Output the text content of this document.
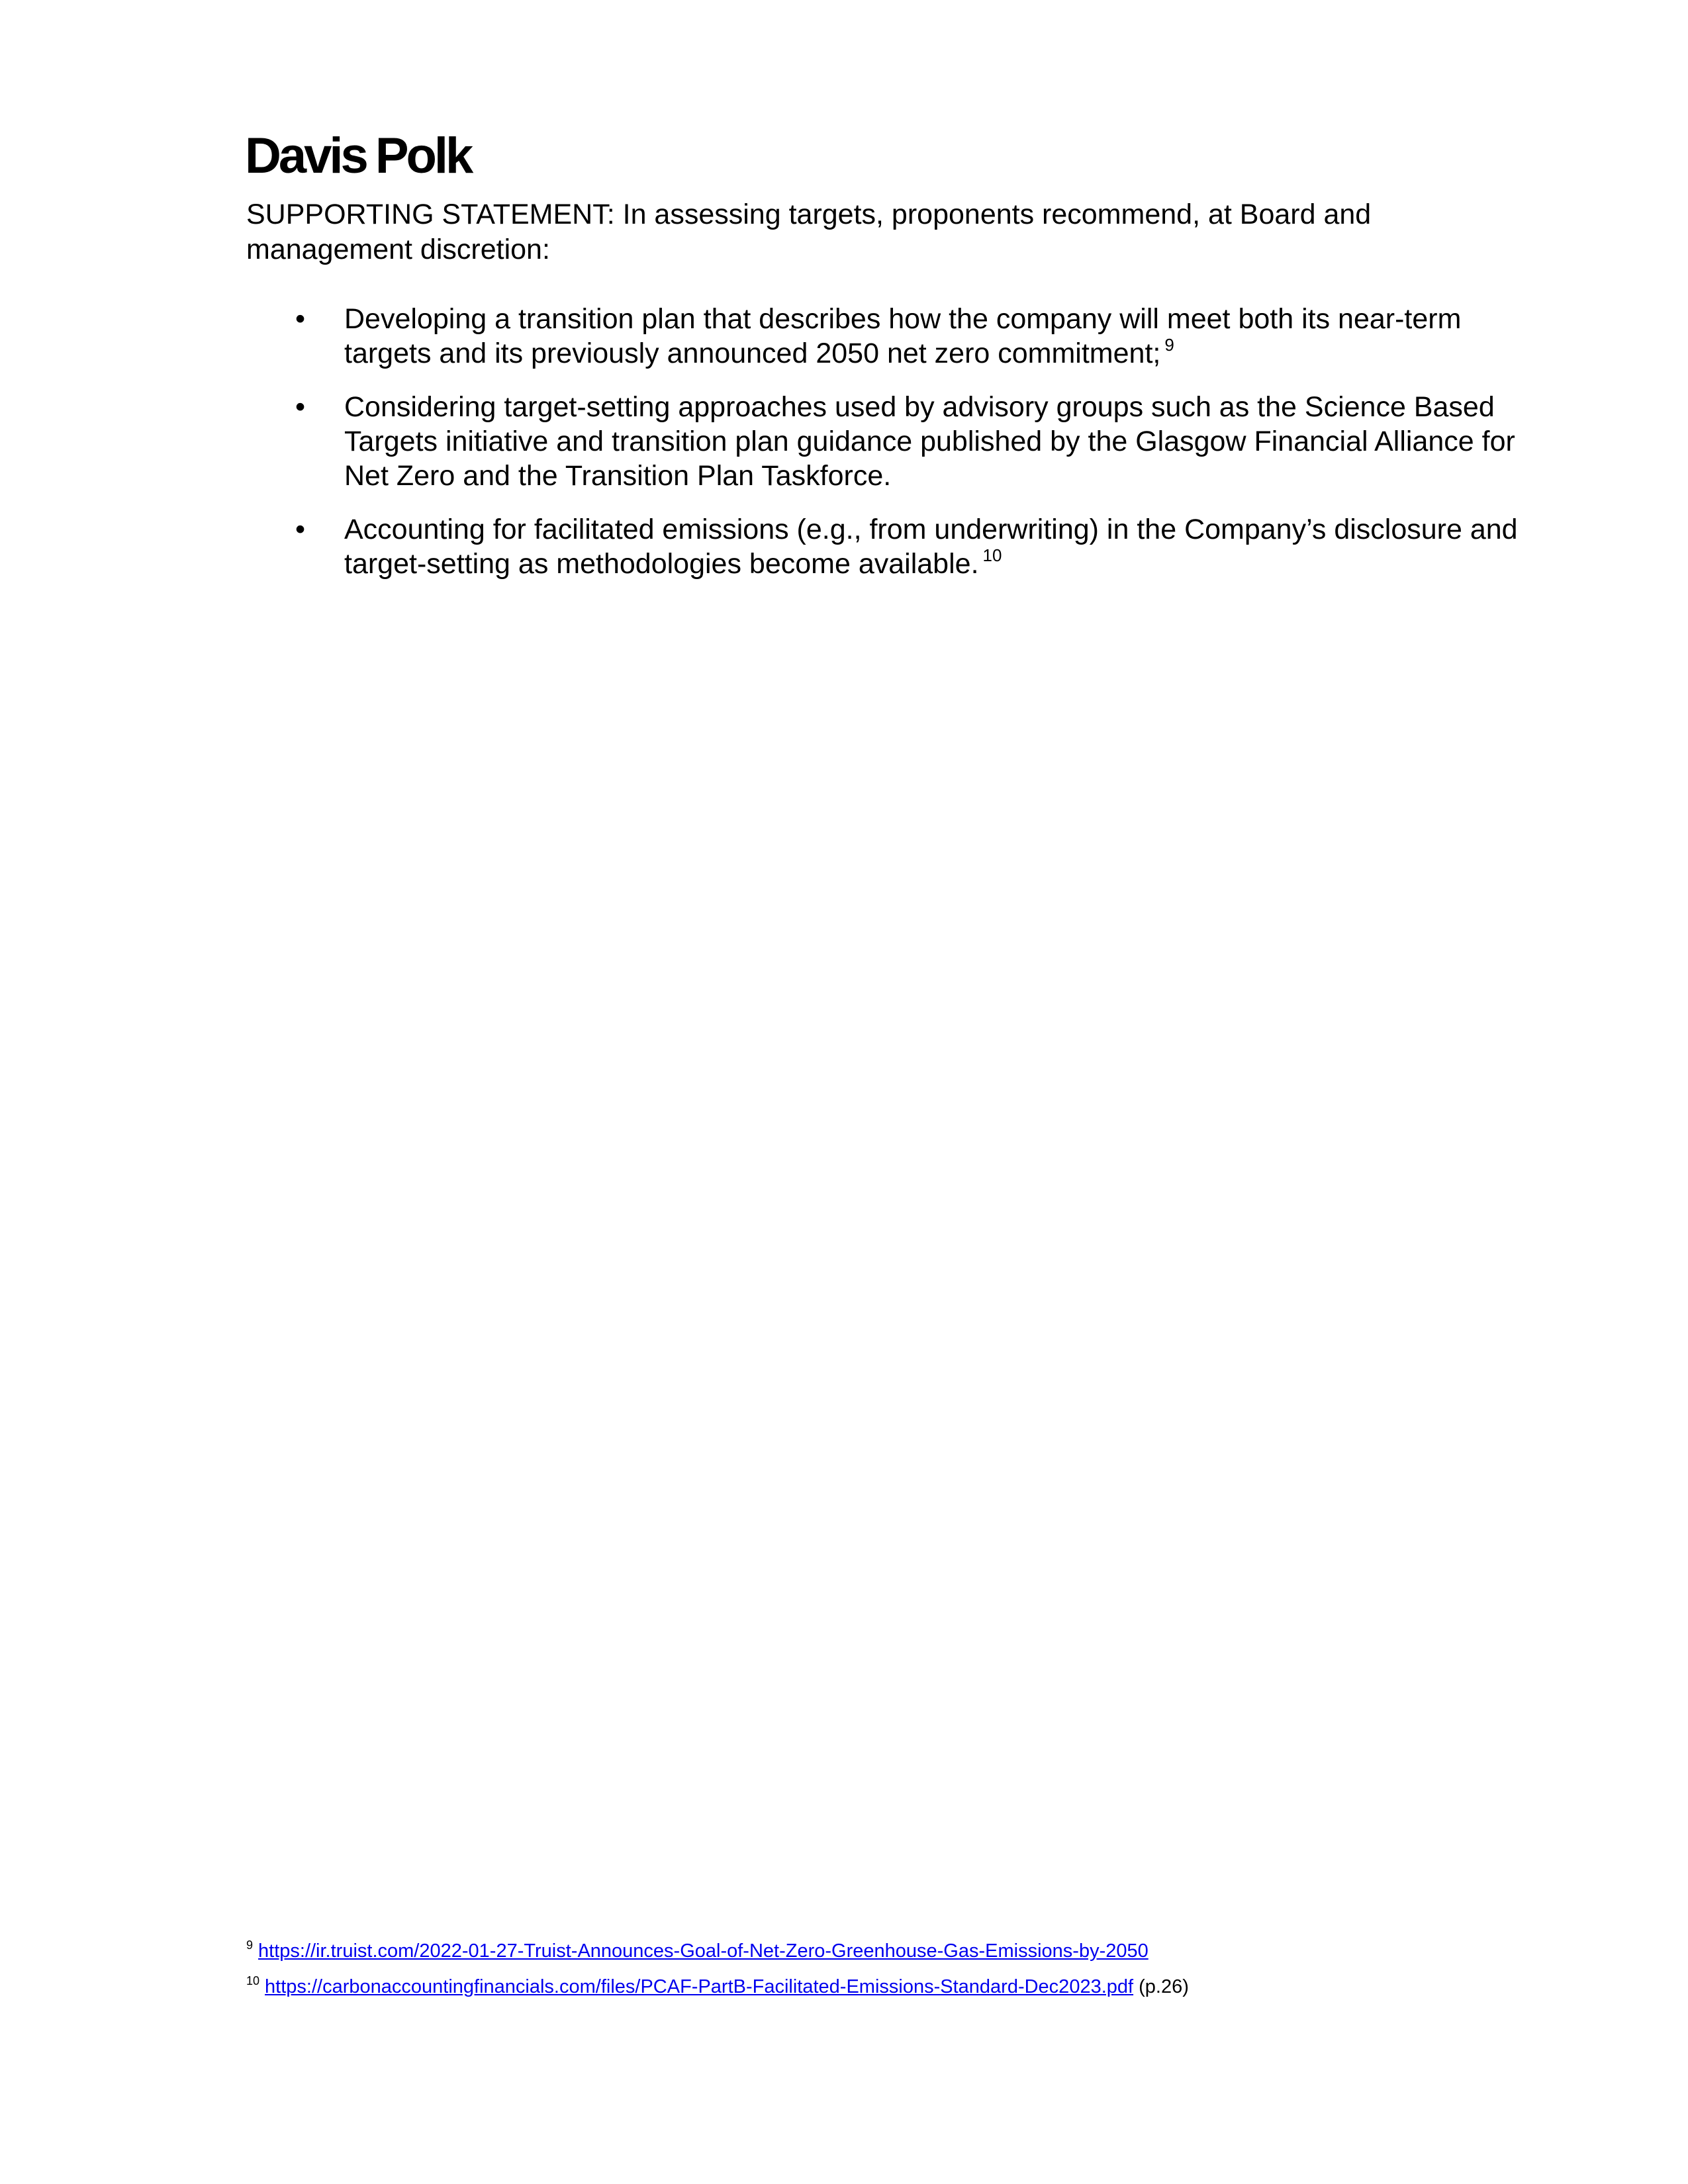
Davis Polk
SUPPORTING STATEMENT: In assessing targets, proponents recommend, at Board and management discretion:
• Developing a transition plan that describes how the company will meet both its near-term targets and its previously announced 2050 net zero commitment; $^9$
• Considering target-setting approaches used by advisory groups such as the Science Based Targets initiative and transition plan guidance published by the Glasgow Financial Alliance for Net Zero and the Transition Plan Taskforce.
• Accounting for facilitated emissions (e.g., from underwriting) in the Company’s disclosure and target-setting as methodologies become available. $^{10}$
$^9$ https://ir.truist.com/2022-01-27-Truist-Announces-Goal-of-Net-Zero-Greenhouse-Gas-Emissions-by-2050
$^{10}$ https://carbonaccountingfinancials.com/files/PCAF-PartB-Facilitated-Emissions-Standard-Dec2023.pdf (p.26)
